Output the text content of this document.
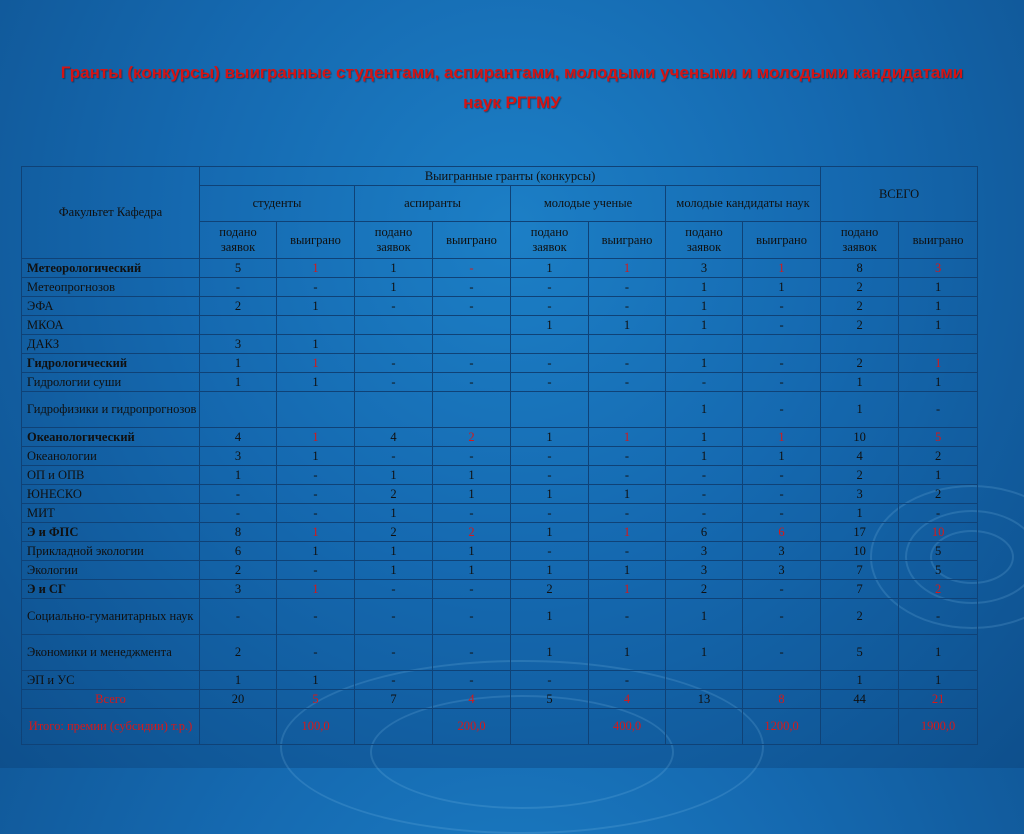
Гранты (конкурсы) выигранные студентами, аспирантами, молодыми учеными и молодыми кандидатами наук РГГМУ
Факультет Кафедра	Выигранные гранты (конкурсы)								ВСЕГО	
	студенты		аспиранты		молодые ученые		молодые кандидаты наук			
	подано заявок	выиграно	подано заявок	выиграно	подано заявок	выиграно	подано заявок	выиграно	подано заявок	выиграно
Метеорологический	5	1	1	-	1	1	3	1	8	3
Метеопрогнозов	-	-	1	-	-	-	1	1	2	1
ЭФА	2	1	-	-	-	-	1	-	2	1
МКОА					1	1	1	-	2	1
ДАКЗ	3	1								
Гидрологический	1	1	-	-	-	-	1	-	2	1
Гидрологии суши	1	1	-	-	-	-	-	-	1	1
Гидрофизики и гидропрогнозов							1	-	1	-
Океанологический	4	1	4	2	1	1	1	1	10	5
Океанологии	3	1	-	-	-	-	1	1	4	2
ОП и ОПВ	1	-	1	1	-	-	-	-	2	1
ЮНЕСКО	-	-	2	1	1	1	-	-	3	2
МИТ	-	-	1	-	-	-	-	-	1	-
Э и ФПС	8	1	2	2	1	1	6	6	17	10
Прикладной экологии	6	1	1	1	-	-	3	3	10	5
Экологии	2	-	1	1	1	1	3	3	7	5
Э и СГ	3	1	-	-	2	1	2	-	7	2
Социально-гуманитарных наук	-	-	-	-	1	-	1	-	2	-
Экономики и менеджмента	2	-	-	-	1	1	1	-	5	1
ЭП и УС	1	1	-	-	-	-			1	1
Всего	20	5	7	4	5	4	13	8	44	21
Итого: премии (субсидии) т.р.)		100,0		200,0		400,0		1200,0		1900,0
